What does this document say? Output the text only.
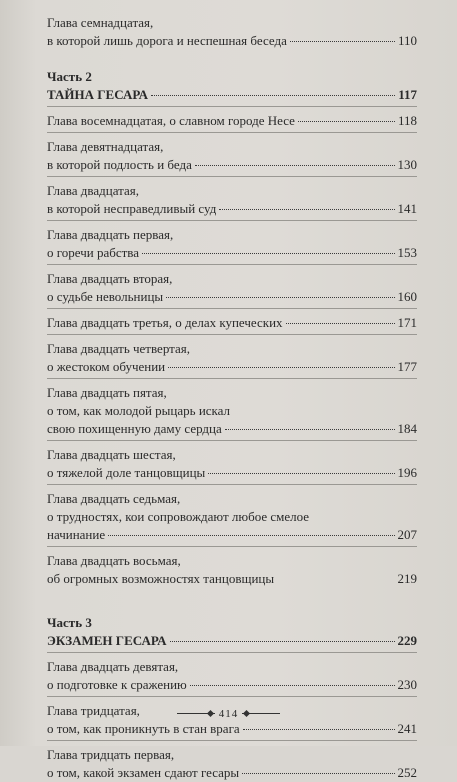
Глава семнадцатая,
в которой лишь дорога и неспешная беседа	110
Часть 2
ТАЙНА ГЕСАРА	117
Глава восемнадцатая, о славном городе Несе	118
Глава девятнадцатая,
в которой подлость и беда	130
Глава двадцатая,
в которой несправедливый суд	141
Глава двадцать первая,
о горечи рабства	153
Глава двадцать вторая,
о судьбе невольницы	160
Глава двадцать третья, о делах купеческих	171
Глава двадцать четвертая,
о жестоком обучении	177
Глава двадцать пятая,
о том, как молодой рыцарь искал
свою похищенную даму сердца	184
Глава двадцать шестая,
о тяжелой доле танцовщицы	196
Глава двадцать седьмая,
о трудностях, кои сопровождают любое смелое
начинание	207
Глава двадцать восьмая,
об огромных возможностях танцовщицы	219
Часть 3
ЭКЗАМЕН ГЕСАРА	229
Глава двадцать девятая,
о подготовке к сражению	230
Глава тридцатая,
о том, как проникнуть в стан врага	241
Глава тридцать первая,
о том, какой экзамен сдают гесары	252
414
